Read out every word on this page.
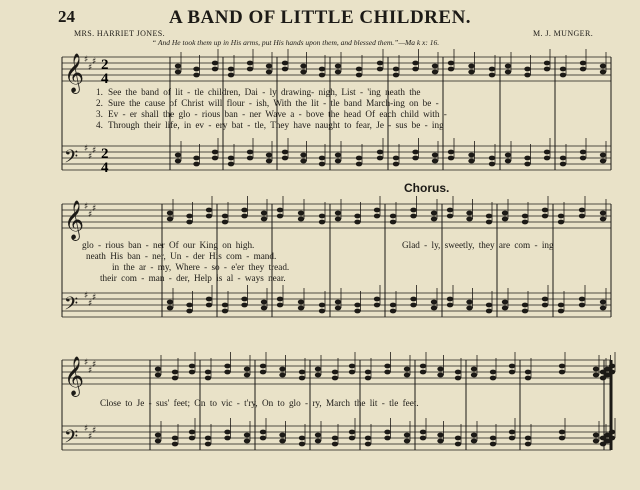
24	A BAND OF LITTLE CHILDREN.
MRS. HARRIET JONES.	M. J. MUNGER.
“ And He took them up in His arms, put His hands upon them, and blessed them.”—Ma k x: 16.
𝄞 ♯
♯
♯
𝄢 ♯
♯
♯
𝄞 ♯
♯
♯
𝄢 ♯
♯
♯
𝄞 ♯
♯
♯
𝄢 ♯
♯
♯
2
4
2
4
1. See the band of lit - tle children, Dai - ly drawing- nigh, List - 'ing neath the
2. Sure the cause of Christ will flour - ish, With the lit - tle band March-ing on be -
3. Ev - er shall the glo - rious ban - ner Wave a - bove the head Of each child with -
4. Through their life, in ev - ery bat - tle, They have naught to fear, Je - sus be - ing
Chorus.
glo - rious ban - ner Of our King on high.
neath His ban - ner, Un - der His com - mand.
in the ar - my, Where - so - e'er they tread.
their com - man - der, Help is al - ways near.
Glad - ly, sweetly, they are com - ing
Close to Je - sus' feet; On to vic - t'ry, On to glo - ry, March the lit - tle feet.
